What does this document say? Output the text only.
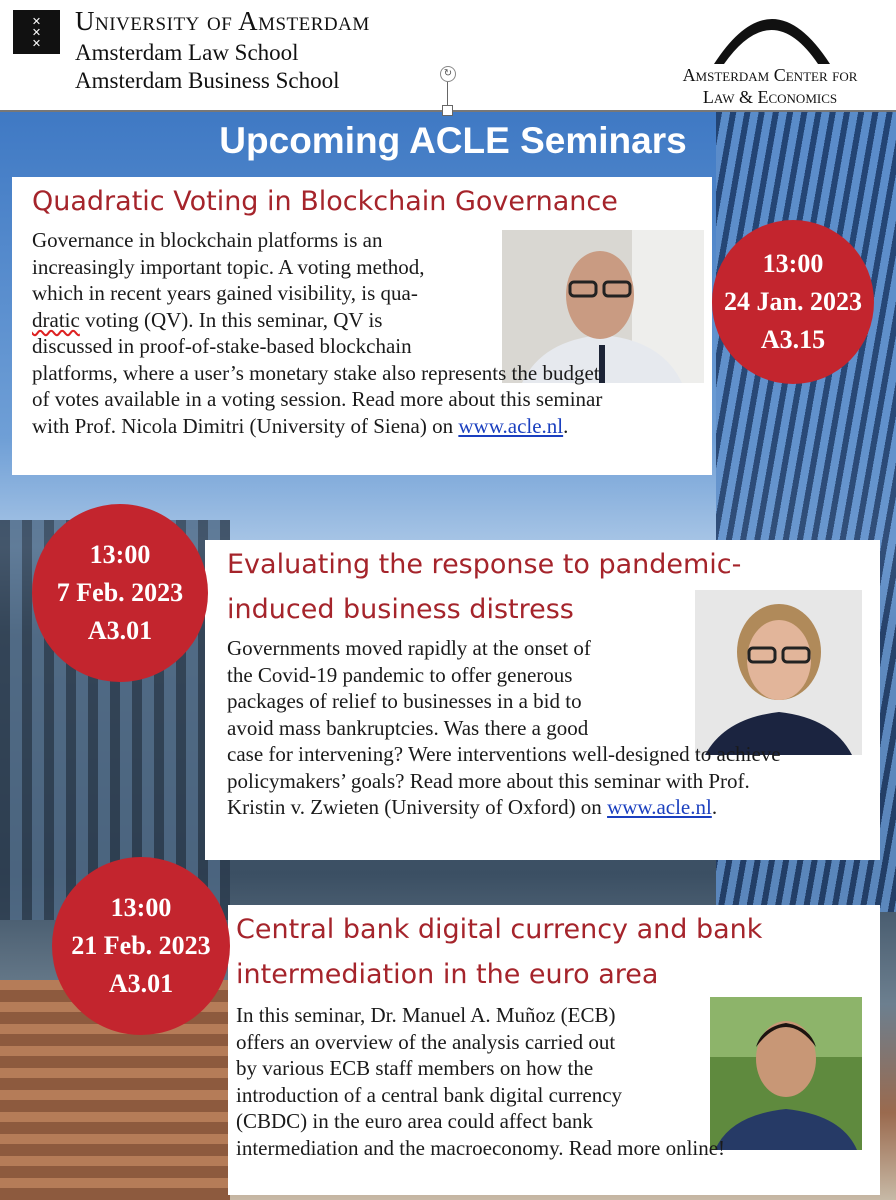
✕
✕
✕
University of Amsterdam
Amsterdam Law School
Amsterdam Business School	Amsterdam Center for
Law & Economics
↻
Upcoming ACLE Seminars
Quadratic Voting in Blockchain Governance
Governance in blockchain platforms is an
increasingly important topic. A voting method,
which in recent years gained visibility, is qua-
dratic voting (QV). In this seminar, QV is
discussed in proof-of-stake-based blockchain
platforms, where a user’s monetary stake also represents the budget
of votes available in a voting session. Read more about this seminar
with Prof. Nicola Dimitri (University of Siena) on www.acle.nl.
13:00
24 Jan. 2023
A3.15
Evaluating the response to pandemic-
induced business distress
Governments moved rapidly at the onset of
the Covid-19 pandemic to offer generous
packages of relief to businesses in a bid to
avoid mass bankruptcies. Was there a good
case for intervening? Were interventions well-designed to achieve
policymakers’ goals? Read more about this seminar with Prof.
Kristin v. Zwieten (University of Oxford) on www.acle.nl.
13:00
7 Feb. 2023
A3.01
Central bank digital currency and bank
intermediation in the euro area
In this seminar, Dr. Manuel A. Muñoz (ECB)
offers an overview of the analysis carried out
by various ECB staff members on how the
introduction of a central bank digital currency
(CBDC) in the euro area could affect bank
intermediation and the macroeconomy. Read more online!
13:00
21 Feb. 2023
A3.01
